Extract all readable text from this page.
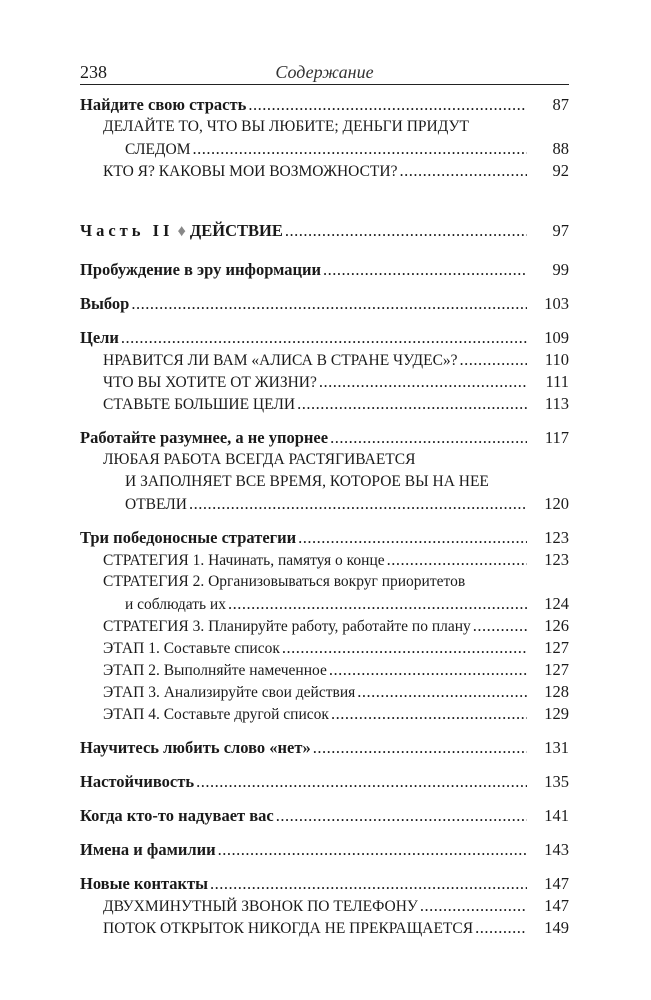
238	Содержание
Найдите свою страсть .....	87
ДЕЛАЙТЕ ТО, ЧТО ВЫ ЛЮБИТЕ; ДЕНЬГИ ПРИДУТ
СЛЕДОМ .....	88
КТО Я? КАКОВЫ МОИ ВОЗМОЖНОСТИ? .....	92
Часть II ♦ ДЕЙСТВИЕ .....	97
Пробуждение в эру информации .....	99
Выбор .....	103
Цели .....	109
НРАВИТСЯ ЛИ ВАМ «АЛИСА В СТРАНЕ ЧУДЕС»? .....	110
ЧТО ВЫ ХОТИТЕ ОТ ЖИЗНИ? .....	111
СТАВЬТЕ БОЛЬШИЕ ЦЕЛИ .....	113
Работайте разумнее, а не упорнее .....	117
ЛЮБАЯ РАБОТА ВСЕГДА РАСТЯГИВАЕТСЯ
И ЗАПОЛНЯЕТ ВСЕ ВРЕМЯ, КОТОРОЕ ВЫ НА НЕЕ
ОТВЕЛИ .....	120
Три победоносные стратегии .....	123
СТРАТЕГИЯ 1. Начинать, памятуя о конце .....	123
СТРАТЕГИЯ 2. Организовываться вокруг приоритетов
и соблюдать их .....	124
СТРАТЕГИЯ 3. Планируйте работу, работайте по плану .....	126
ЭТАП 1. Составьте список .....	127
ЭТАП 2. Выполняйте намеченное .....	127
ЭТАП 3. Анализируйте свои действия .....	128
ЭТАП 4. Составьте другой список .....	129
Научитесь любить слово «нет» .....	131
Настойчивость .....	135
Когда кто-то надувает вас .....	141
Имена и фамилии .....	143
Новые контакты .....	147
ДВУХМИНУТНЫЙ ЗВОНОК ПО ТЕЛЕФОНУ .....	147
ПОТОК ОТКРЫТОК НИКОГДА НЕ ПРЕКРАЩАЕТСЯ .....	149
